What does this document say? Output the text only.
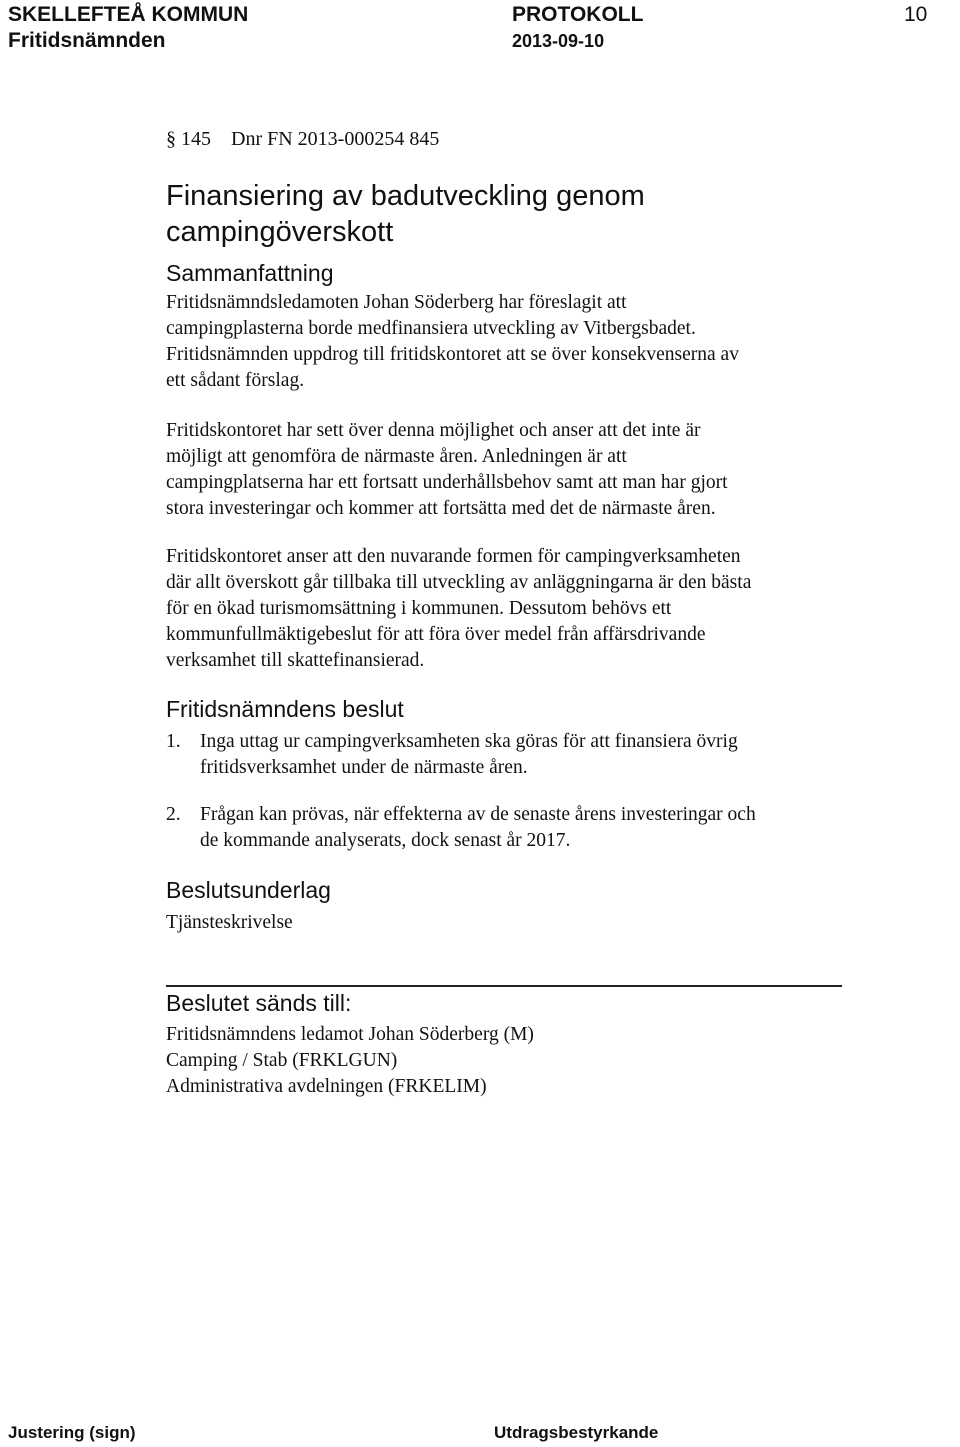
SKELLEFTEÅ KOMMUN	PROTOKOLL	10
Fritidsnämnden	2013-09-10
§ 145 Dnr FN 2013-000254 845
Finansiering av badutveckling genom campingöverskott
Sammanfattning
Fritidsnämndsledamoten Johan Söderberg har föreslagit att
campingplasterna borde medfinansiera utveckling av Vitbergsbadet.
Fritidsnämnden uppdrog till fritidskontoret att se över konsekvenserna av
ett sådant förslag.
Fritidskontoret har sett över denna möjlighet och anser att det inte är
möjligt att genomföra de närmaste åren. Anledningen är att
campingplatserna har ett fortsatt underhållsbehov samt att man har gjort
stora investeringar och kommer att fortsätta med det de närmaste åren.
Fritidskontoret anser att den nuvarande formen för campingverksamheten
där allt överskott går tillbaka till utveckling av anläggningarna är den bästa
för en ökad turismomsättning i kommunen. Dessutom behövs ett
kommunfullmäktigebeslut för att föra över medel från affärsdrivande
verksamhet till skattefinansierad.
Fritidsnämndens beslut
1. Inga uttag ur campingverksamheten ska göras för att finansiera övrig
fritidsverksamhet under de närmaste åren.
2. Frågan kan prövas, när effekterna av de senaste årens investeringar och
de kommande analyserats, dock senast år 2017.
Beslutsunderlag
Tjänsteskrivelse
Beslutet sänds till:
Fritidsnämndens ledamot Johan Söderberg (M)
Camping / Stab (FRKLGUN)
Administrativa avdelningen (FRKELIM)
Justering (sign)	Utdragsbestyrkande
